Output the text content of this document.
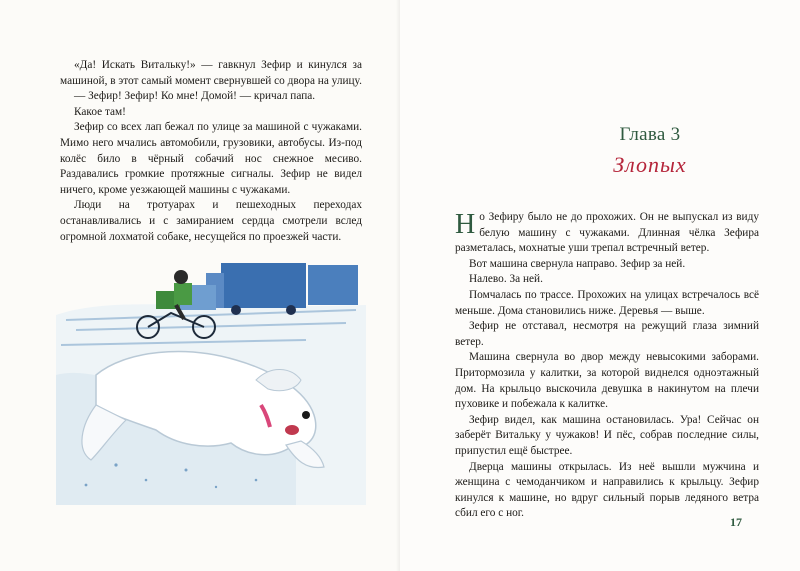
«Да! Искать Витальку!» — гавкнул Зефир и кинулся за машиной, в этот самый момент свернувшей со двора на улицу.

— Зефир! Зефир! Ко мне! Домой! — кричал папа.

Какое там!

Зефир со всех лап бежал по улице за машиной с чужаками. Мимо него мчались автомобили, грузовики, автобусы. Из-под колёс било в чёрный собачий нос снежное месиво. Раздавались громкие протяжные сигналы. Зефир не видел ничего, кроме уезжающей машины с чужаками.

Люди на тротуарах и пешеходных переходах останавливались и с замиранием сердца смотрели вслед огромной лохматой собаке, несущейся по проезжей части.

Глава 3
Злопых

Но Зефиру было не до прохожих. Он не выпускал из виду белую машину с чужаками. Длинная чёлка Зефира разметалась, мохнатые уши трепал встречный ветер.

Вот машина свернула направо. Зефир за ней.

Налево. За ней.

Помчалась по трассе. Прохожих на улицах встречалось всё меньше. Дома становились ниже. Деревья — выше.

Зефир не отставал, несмотря на режущий глаза зимний ветер.

Машина свернула во двор между невысокими заборами. Притормозила у калитки, за которой виднелся одноэтажный дом. На крыльцо выскочила девушка в накинутом на плечи пуховике и побежала к калитке.

Зефир видел, как машина остановилась. Ура! Сейчас он заберёт Витальку у чужаков! И пёс, собрав последние силы, припустил ещё быстрее.

Дверца машины открылась. Из неё вышли мужчина и женщина с чемоданчиком и направились к крыльцу. Зефир кинулся к машине, но вдруг сильный порыв ледяного ветра сбил его с ног.

17
